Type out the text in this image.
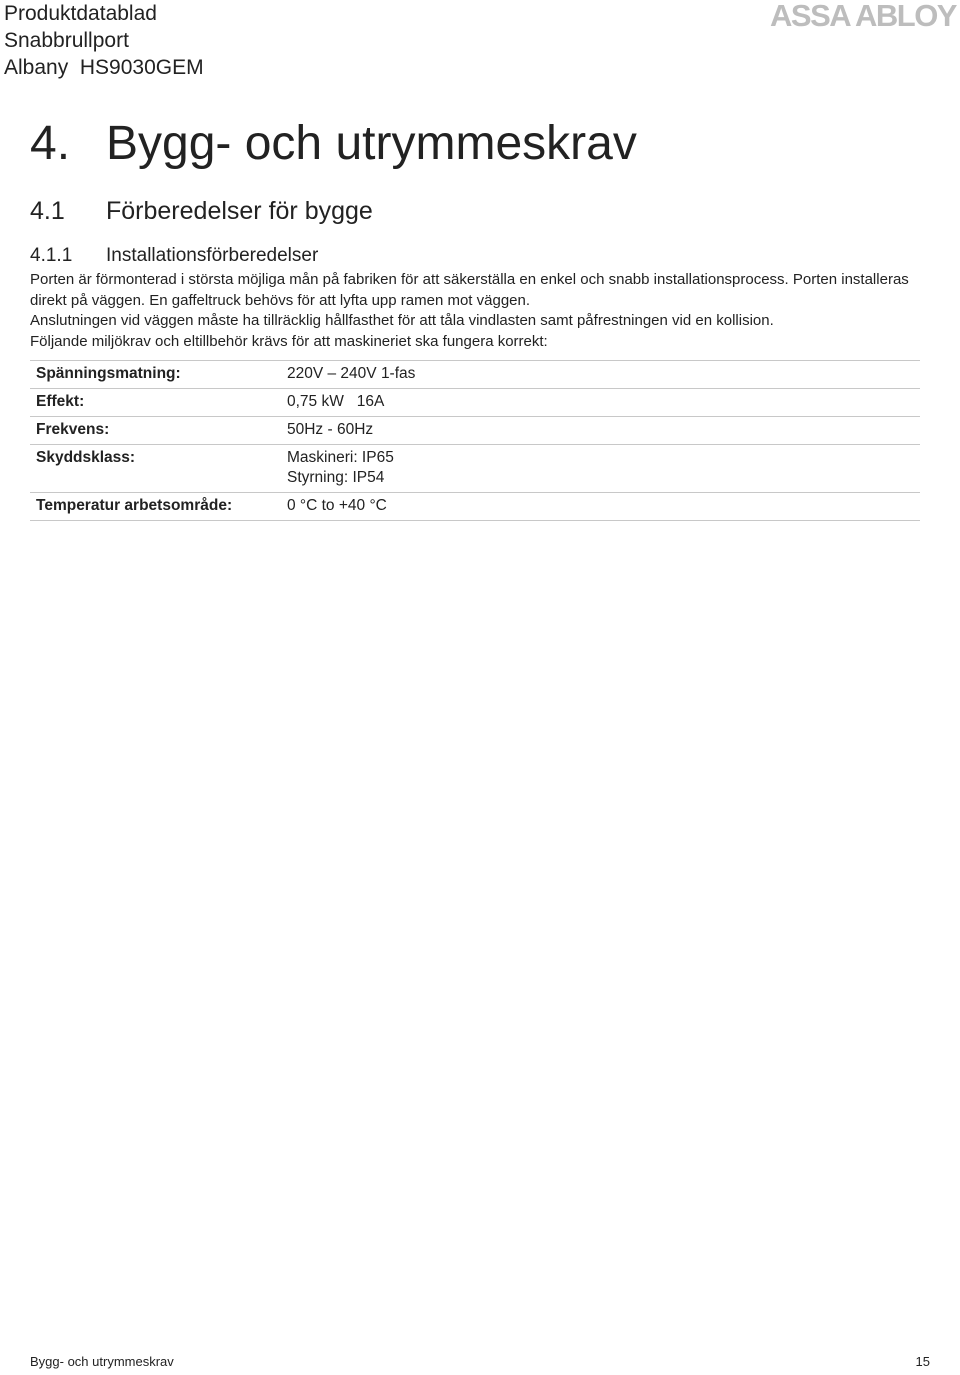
Produktdatablad
Snabbrullport
Albany  HS9030GEM
ASSA ABLOY
4. Bygg- och utrymmeskrav
4.1 Förberedelser för bygge
4.1.1 Installationsförberedelser

Porten är förmonterad i största möjliga mån på fabriken för att säkerställa en enkel och snabb installationsprocess. Porten installeras direkt på väggen. En gaffeltruck behövs för att lyfta upp ramen mot väggen.

Anslutningen vid väggen måste ha tillräcklig hållfasthet för att tåla vindlasten samt påfrestningen vid en kollision.

Följande miljökrav och eltillbehör krävs för att maskineriet ska fungera korrekt:

Spänningsmatning:	220V – 240V 1-fas

Effekt:	0,75 kW   16A

Frekvens:	50Hz - 60Hz

Skyddsklass:	Maskineri: IP65
Styrning: IP54

Temperatur arbetsområde:	0 °C to +40 °C
Bygg- och utrymmeskrav	15
